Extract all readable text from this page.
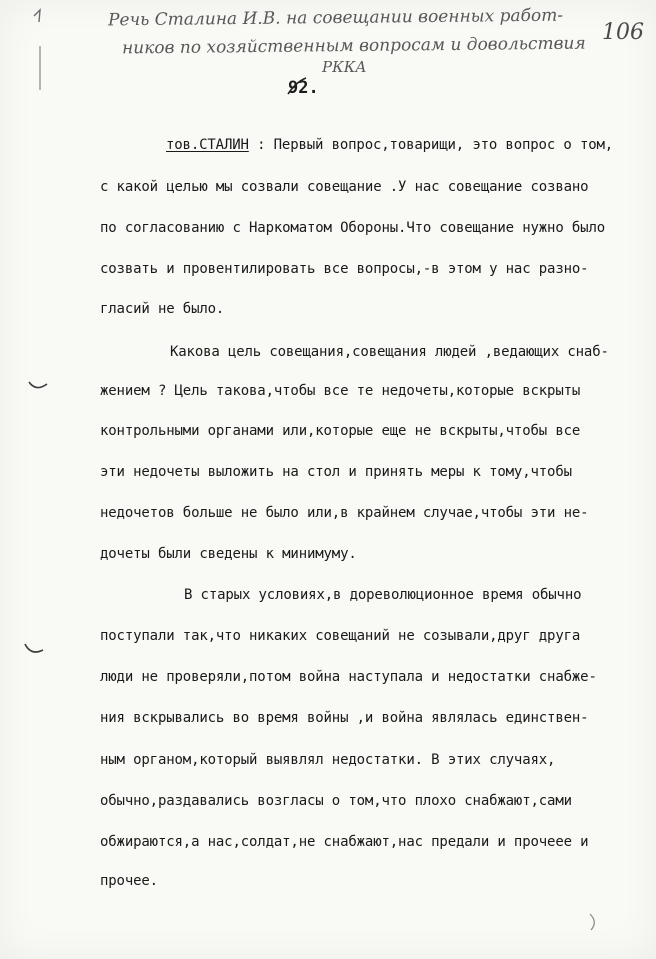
Речь Сталина И.В. на совещании военных работ-
ников по хозяйственным вопросам и довольствия
РККА
106
92.
тов.СТАЛИН : Первый вопрос,товарищи, это вопрос о том,
с какой целью мы созвали совещание .У нас совещание созвано
по согласованию с Наркоматом Обороны.Что совещание нужно было
созвать и провентилировать все вопросы,-в этом у нас разно-
гласий не было.
Какова цель совещания,совещания людей ,ведающих снаб-
жением ? Цель такова,чтобы все те недочеты,которые вскрыты
контрольными органами или,которые еще не вскрыты,чтобы все
эти недочеты выложить на стол и принять меры к тому,чтобы
недочетов больше не было или,в крайнем случае,чтобы эти не-
дочеты были сведены к минимуму.
В старых условиях,в дореволюционное время обычно
поступали так,что никаких совещаний не созывали,друг друга
люди не проверяли,потом война наступала и недостатки снабже-
ния вскрывались во время войны ,и война являлась единствен-
ным органом,который выявлял недостатки. В этих случаях,
обычно,раздавались возгласы о том,что плохо снабжают,сами
обжираются,а нас,солдат,не снабжают,нас предали и прочеее и
прочее.
